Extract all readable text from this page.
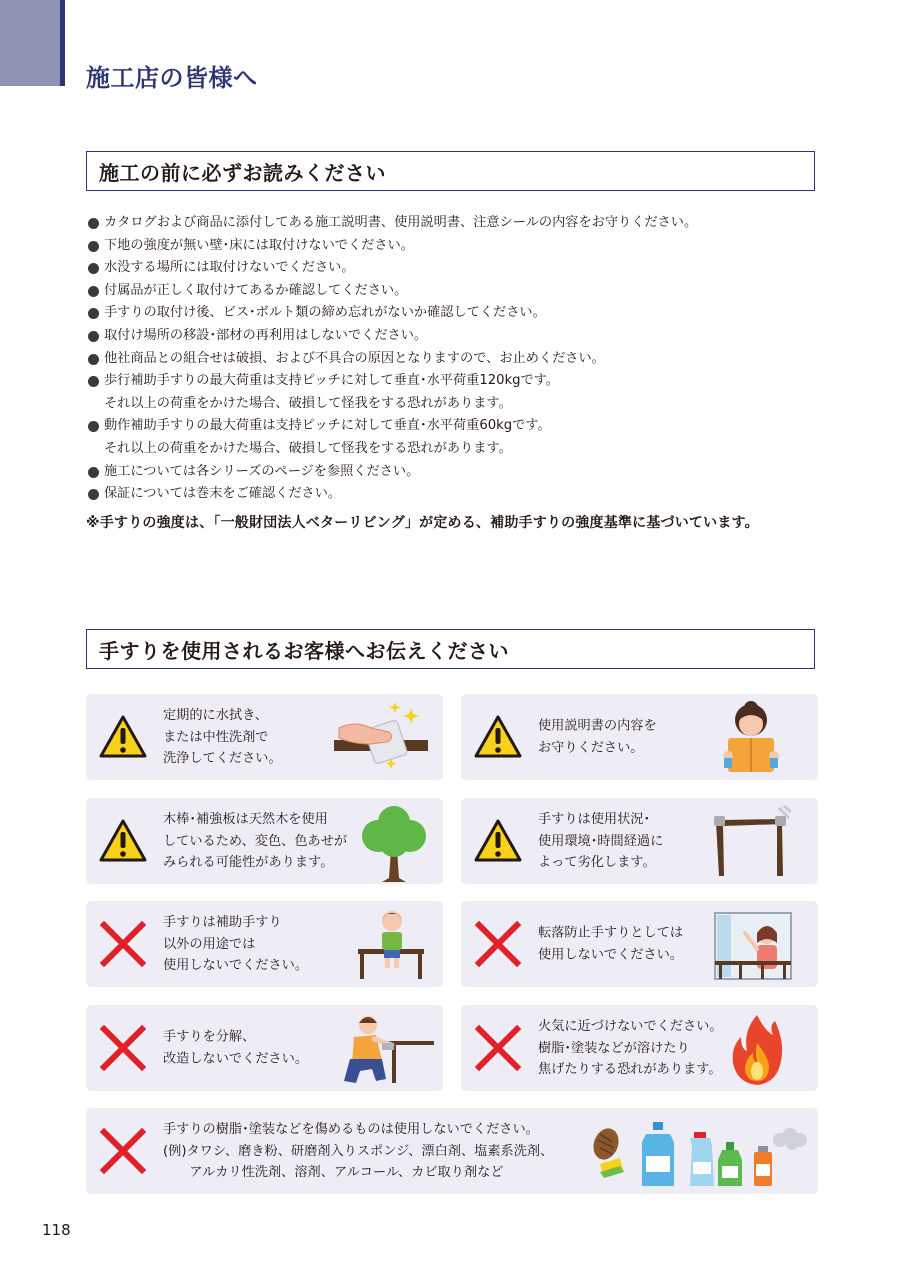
施工店の皆様へ
施工の前に必ずお読みください
カタログおよび商品に添付してある施工説明書、使用説明書、注意シールの内容をお守りください。
下地の強度が無い壁･床には取付けないでください。
水没する場所には取付けないでください。
付属品が正しく取付けてあるか確認してください。
手すりの取付け後、ビス･ボルト類の締め忘れがないか確認してください。
取付け場所の移設･部材の再利用はしないでください。
他社商品との組合せは破損、および不具合の原因となりますので、お止めください。
歩行補助手すりの最大荷重は支持ピッチに対して垂直･水平荷重120kgです。
それ以上の荷重をかけた場合、破損して怪我をする恐れがあります。
動作補助手すりの最大荷重は支持ピッチに対して垂直･水平荷重60kgです。
それ以上の荷重をかけた場合、破損して怪我をする恐れがあります。
施工については各シリーズのページを参照ください。
保証については巻末をご確認ください。

※手すりの強度は、「一般財団法人ベターリビング」が定める、補助手すりの強度基準に基づいています。

手すりを使用されるお客様へお伝えください
定期的に水拭き、
または中性洗剤で
洗浄してください。
使用説明書の内容を
お守りください。
木棒･補強板は天然木を使用
しているため、変色、色あせが
みられる可能性があります。
手すりは使用状況･
使用環境･時間経過に
よって劣化します。
手すりは補助手すり
以外の用途では
使用しないでください。
転落防止手すりとしては
使用しないでください。
手すりを分解、
改造しないでください。
火気に近づけないでください。
樹脂･塗装などが溶けたり
焦げたりする恐れがあります。
手すりの樹脂･塗装などを傷めるものは使用しないでください。
(例)タワシ、磨き粉、研磨剤入りスポンジ、漂白剤、塩素系洗剤、
　　アルカリ性洗剤、溶剤、アルコール、カビ取り剤など

118
